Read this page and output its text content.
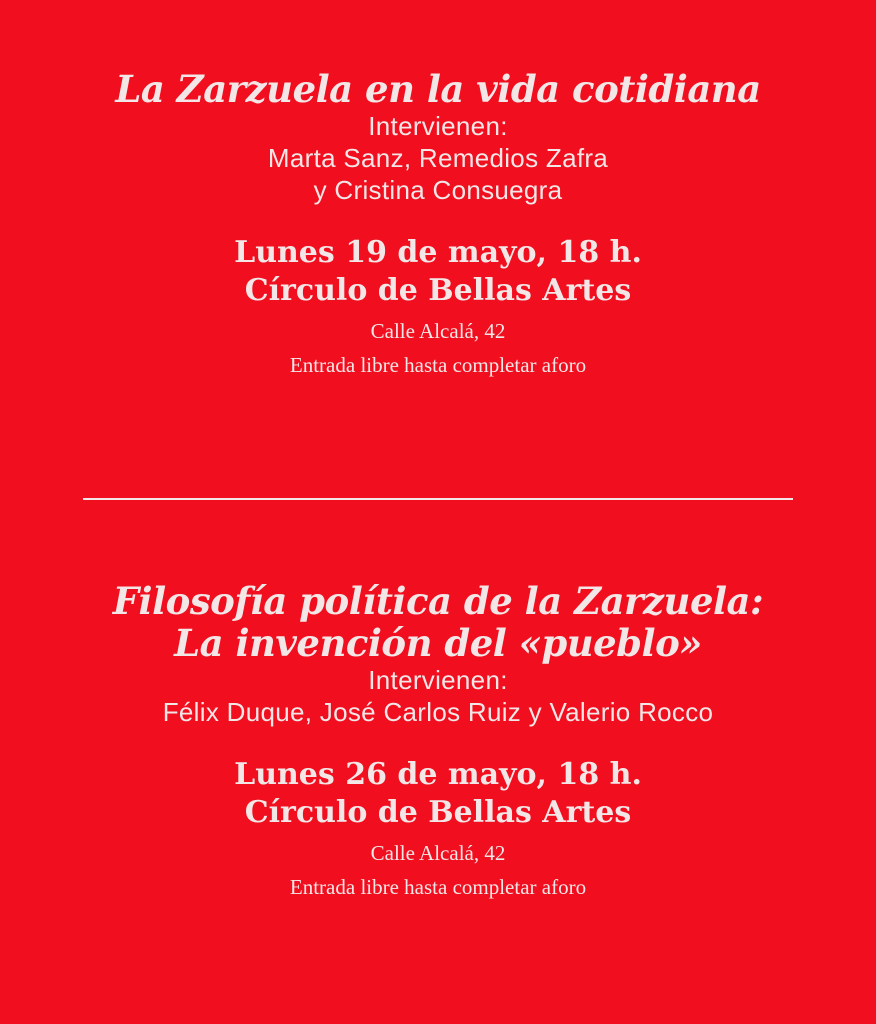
La Zarzuela en la vida cotidiana

Intervienen:

Marta Sanz, Remedios Zafra

y Cristina Consuegra

Lunes 19 de mayo, 18 h.

Círculo de Bellas Artes

Calle Alcalá, 42

Entrada libre hasta completar aforo

Filosofía política de la Zarzuela:
La invención del «pueblo»

Intervienen:

Félix Duque, José Carlos Ruiz y Valerio Rocco

Lunes 26 de mayo, 18 h.

Círculo de Bellas Artes

Calle Alcalá, 42

Entrada libre hasta completar aforo
